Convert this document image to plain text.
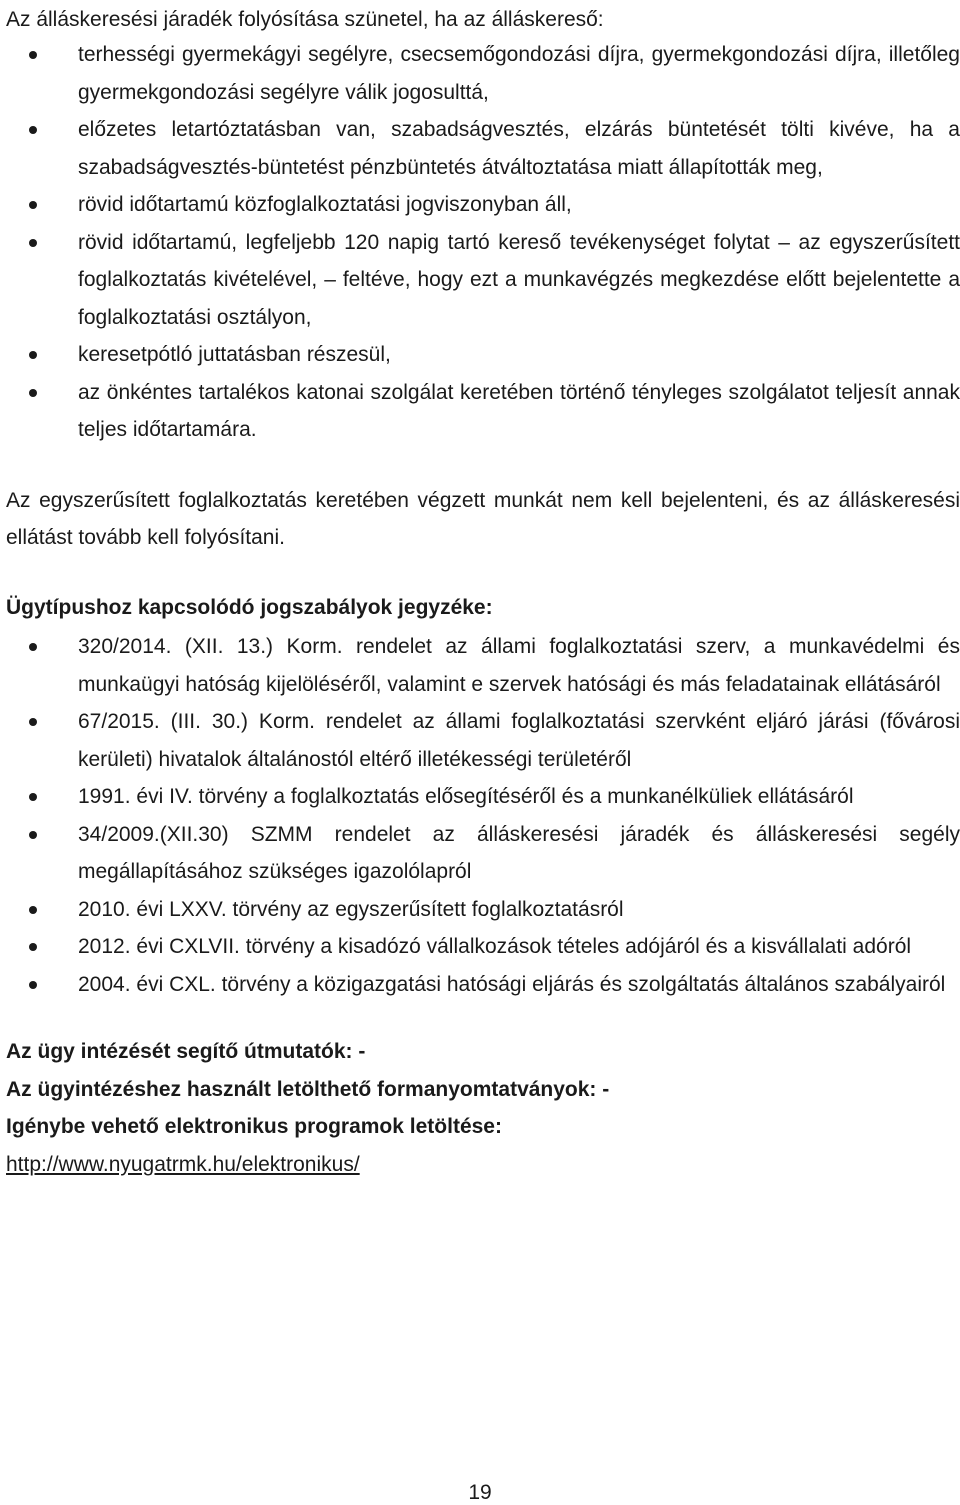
Az álláskeresési járadék folyósítása szünetel, ha az álláskereső:

terhességi gyermekágyi segélyre, csecsemőgondozási díjra, gyermekgondozási díjra, illetőleg gyermekgondozási segélyre válik jogosulttá,
előzetes letartóztatásban van, szabadságvesztés, elzárás büntetését tölti kivéve, ha a szabadságvesztés-büntetést pénzbüntetés átváltoztatása miatt állapították meg,
rövid időtartamú közfoglalkoztatási jogviszonyban áll,
rövid időtartamú, legfeljebb 120 napig tartó kereső tevékenységet folytat – az egyszerűsített foglalkoztatás kivételével, – feltéve, hogy ezt a munkavégzés megkezdése előtt bejelentette a foglalkoztatási osztályon,
keresetpótló juttatásban részesül,
az önkéntes tartalékos katonai szolgálat keretében történő tényleges szolgálatot teljesít annak teljes időtartamára.

Az egyszerűsített foglalkoztatás keretében végzett munkát nem kell bejelenteni, és az álláskeresési ellátást tovább kell folyósítani.

Ügytípushoz kapcsolódó jogszabályok jegyzéke:

320/2014. (XII. 13.) Korm. rendelet az állami foglalkoztatási szerv, a munkavédelmi és munkaügyi hatóság kijelöléséről, valamint e szervek hatósági és más feladatainak ellátásáról
67/2015. (III. 30.) Korm. rendelet az állami foglalkoztatási szervként eljáró járási (fővárosi kerületi) hivatalok általánostól eltérő illetékességi területéről
1991. évi IV. törvény a foglalkoztatás elősegítéséről és a munkanélküliek ellátásáról
34/2009.(XII.30) SZMM rendelet az álláskeresési járadék és álláskeresési segély megállapításához szükséges igazolólapról
2010. évi LXXV. törvény az egyszerűsített foglalkoztatásról
2012. évi CXLVII. törvény a kisadózó vállalkozások tételes adójáról és a kisvállalati adóról
2004. évi CXL. törvény a közigazgatási hatósági eljárás és szolgáltatás általános szabályairól

Az ügy intézését segítő útmutatók: -

Az ügyintézéshez használt letölthető formanyomtatványok: -

Igénybe vehető elektronikus programok letöltése:

http://www.nyugatrmk.hu/elektronikus/
19
